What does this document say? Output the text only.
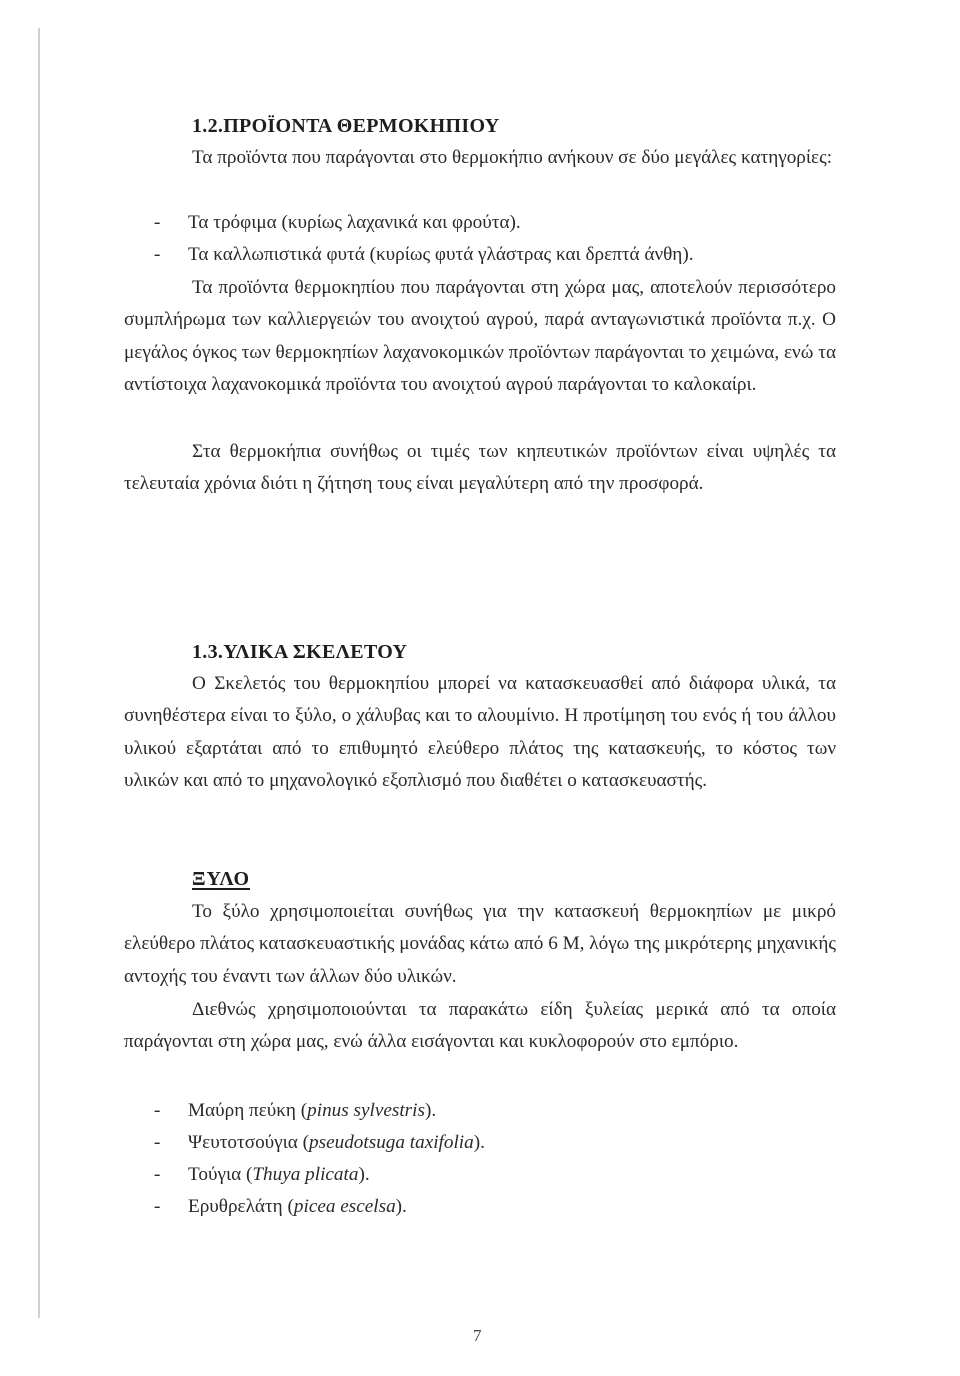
1.2.ΠΡΟΪΟΝΤΑ ΘΕΡΜΟΚΗΠΙΟΥ
Τα προϊόντα που παράγονται στο θερμοκήπιο ανήκουν σε δύο μεγάλες κατηγορίες:
- Τα τρόφιμα (κυρίως λαχανικά και φρούτα).
- Τα καλλωπιστικά φυτά (κυρίως φυτά γλάστρας και δρεπτά άνθη).
Τα προϊόντα θερμοκηπίου που παράγονται στη χώρα μας, αποτελούν περισσότερο συμπλήρωμα των καλλιεργειών του ανοιχτού αγρού, παρά ανταγωνιστικά προϊόντα π.χ. Ο μεγάλος όγκος των θερμοκηπίων λαχανοκομικών προϊόντων παράγονται το χειμώνα, ενώ τα αντίστοιχα λαχανοκομικά προϊόντα του ανοιχτού αγρού παράγονται το καλοκαίρι.
Στα θερμοκήπια συνήθως οι τιμές των κηπευτικών προϊόντων είναι υψηλές τα τελευταία χρόνια διότι η ζήτηση τους είναι μεγαλύτερη από την προσφορά.
1.3.ΥΛΙΚΑ ΣΚΕΛΕΤΟΥ
Ο Σκελετός του θερμοκηπίου μπορεί να κατασκευασθεί από διάφορα υλικά, τα συνηθέστερα είναι το ξύλο, ο χάλυβας και το αλουμίνιο. Η προτίμηση του ενός ή του άλλου υλικού εξαρτάται από το επιθυμητό ελεύθερο πλάτος της κατασκευής, το κόστος των υλικών και από το μηχανολογικό εξοπλισμό που διαθέτει ο κατασκευαστής.
ΞΥΛΟ
Το ξύλο χρησιμοποιείται συνήθως για την κατασκευή θερμοκηπίων με μικρό ελεύθερο πλάτος κατασκευαστικής μονάδας κάτω από 6 Μ, λόγω της μικρότερης μηχανικής αντοχής του έναντι των άλλων δύο υλικών.
Διεθνώς χρησιμοποιούνται τα παρακάτω είδη ξυλείας μερικά από τα οποία παράγονται στη χώρα μας, ενώ άλλα εισάγονται και κυκλοφορούν στο εμπόριο.
- Μαύρη πεύκη (pinus sylvestris).
- Ψευτοτσούγια (pseudotsuga taxifolia).
- Τούγια (Thuya plicata).
- Ερυθρελάτη (picea escelsa).
7
